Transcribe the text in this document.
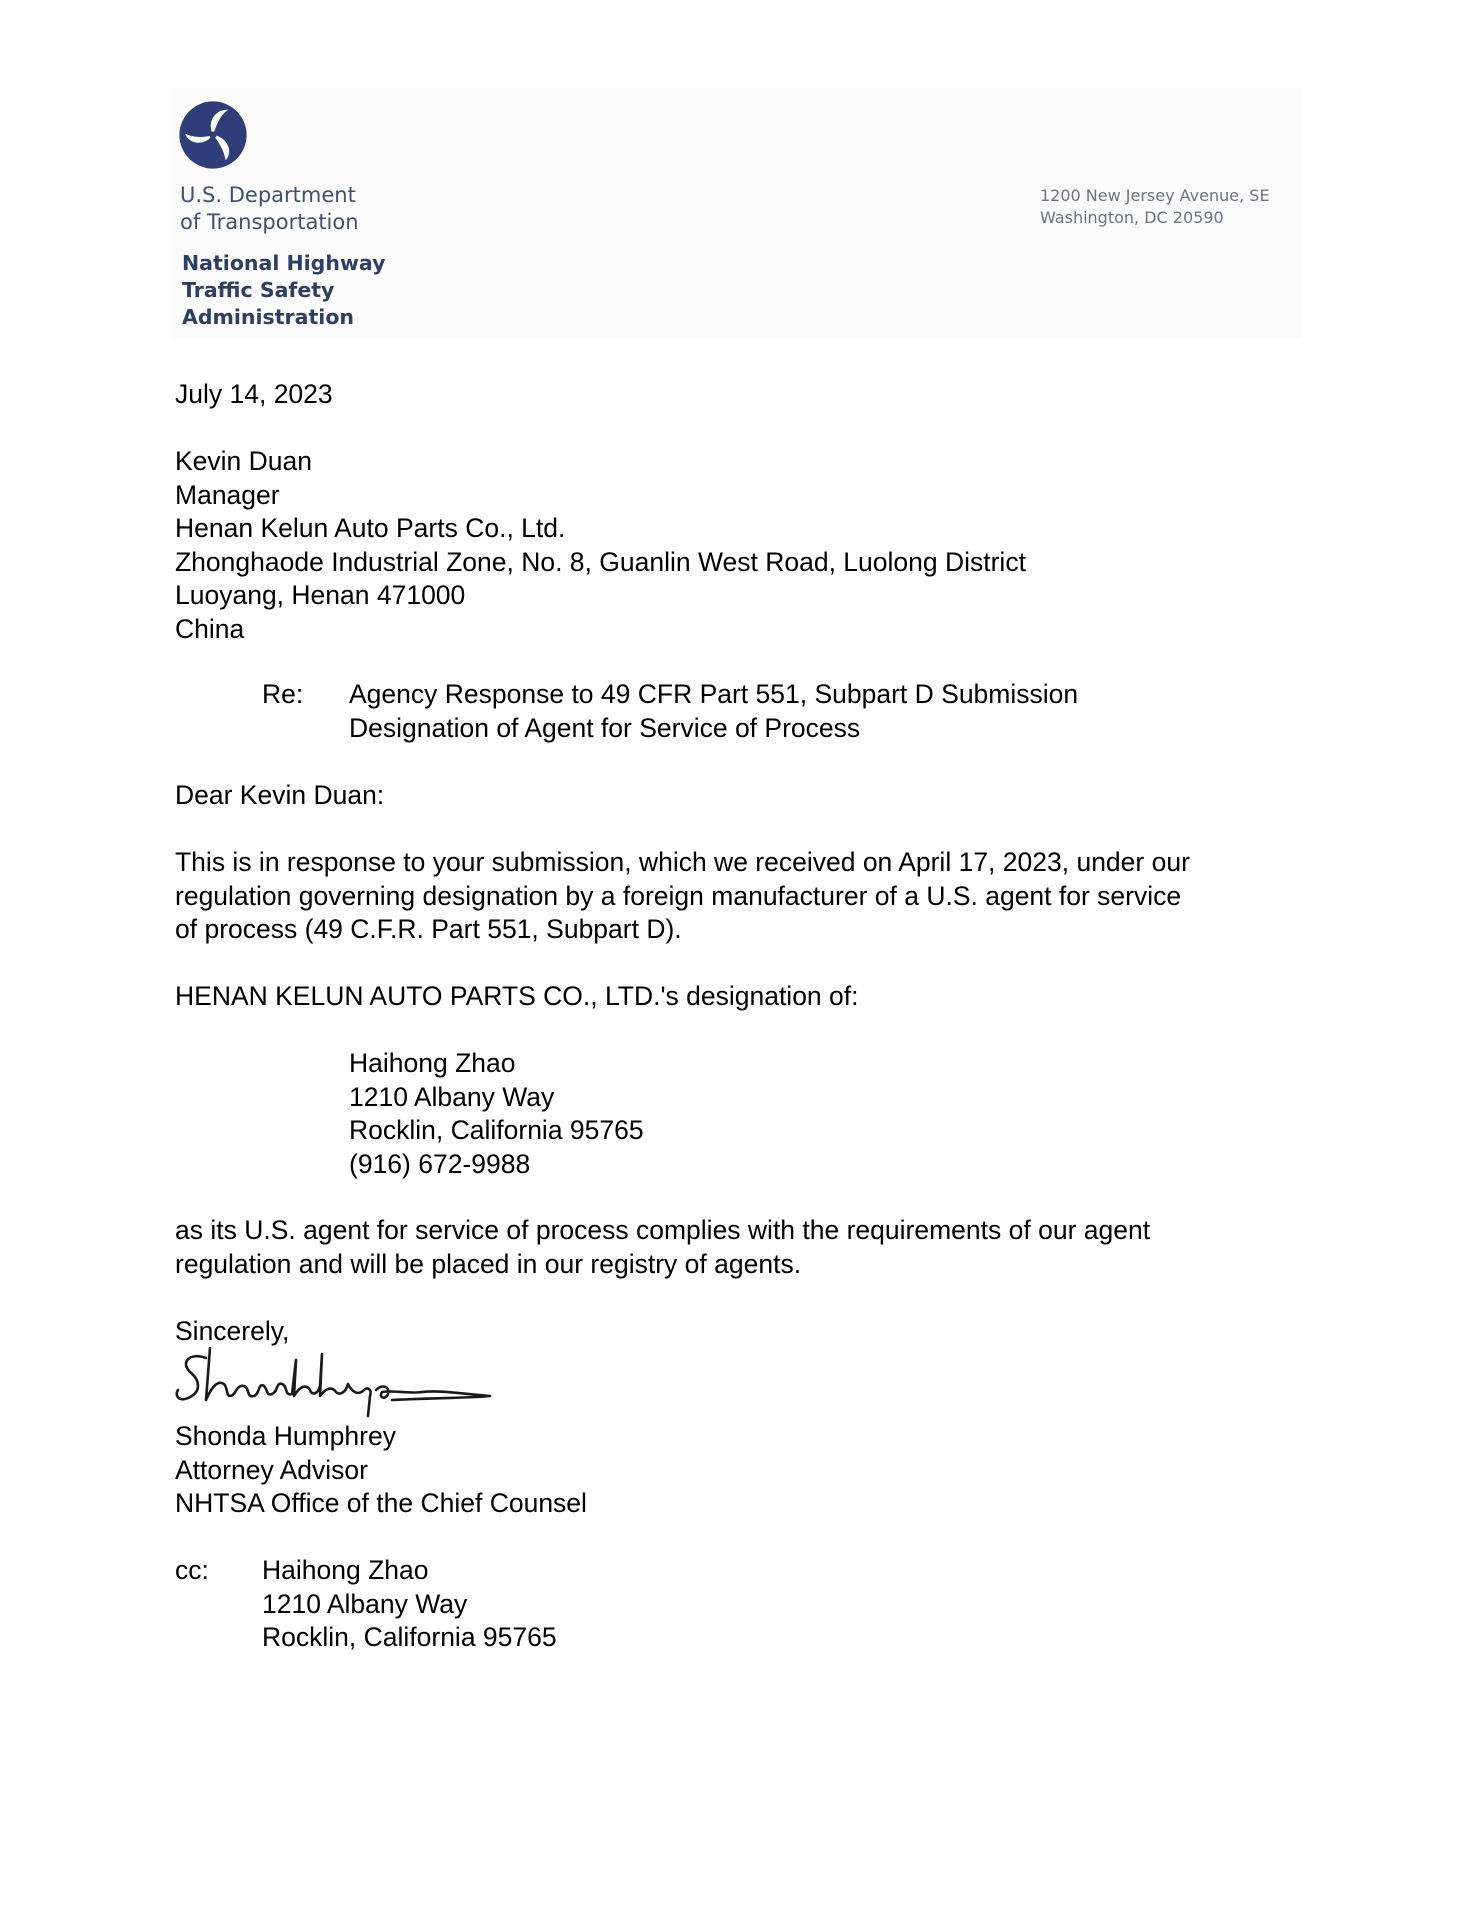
U.S. Department
of Transportation
National Highway
Traffic Safety
Administration
1200 New Jersey Avenue, SE
Washington, DC 20590
July 14, 2023
Kevin Duan
Manager
Henan Kelun Auto Parts Co., Ltd.
Zhonghaode Industrial Zone, No. 8, Guanlin West Road, Luolong District
Luoyang, Henan 471000
China
Re: Agency Response to 49 CFR Part 551, Subpart D Submission
Designation of Agent for Service of Process
Dear Kevin Duan:
This is in response to your submission, which we received on April 17, 2023, under our
regulation governing designation by a foreign manufacturer of a U.S. agent for service
of process (49 C.F.R. Part 551, Subpart D).
HENAN KELUN AUTO PARTS CO., LTD.'s designation of:
Haihong Zhao
1210 Albany Way
Rocklin, California 95765
(916) 672-9988
as its U.S. agent for service of process complies with the requirements of our agent
regulation and will be placed in our registry of agents.
Sincerely,
Shonda Humphrey
Attorney Advisor
NHTSA Office of the Chief Counsel
cc: Haihong Zhao
1210 Albany Way
Rocklin, California 95765
